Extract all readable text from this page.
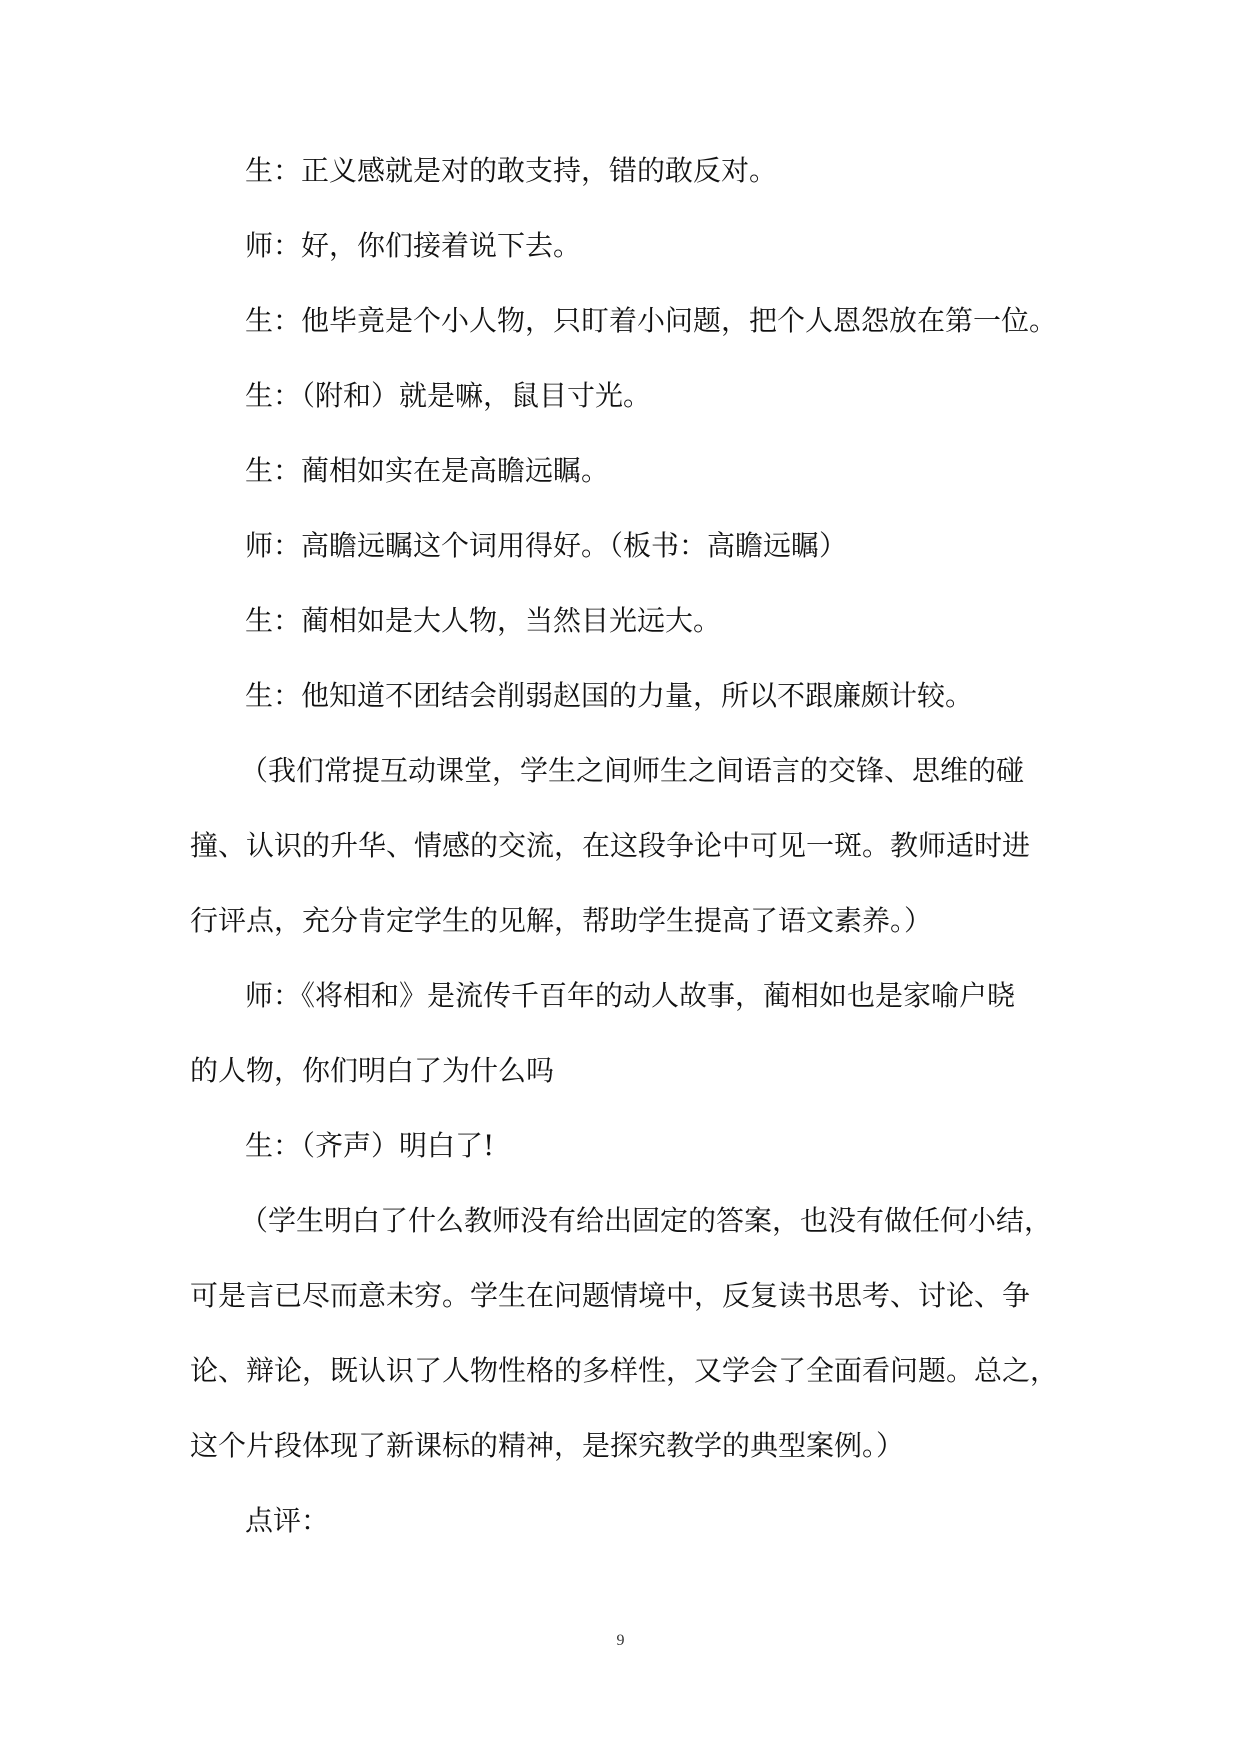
生：正义感就是对的敢支持，错的敢反对。

师：好，你们接着说下去。

生：他毕竟是个小人物，只盯着小问题，把个人恩怨放在第一位。

生：（附和）就是嘛，鼠目寸光。

生：蔺相如实在是高瞻远瞩。

师：高瞻远瞩这个词用得好。（板书：高瞻远瞩）

生：蔺相如是大人物，当然目光远大。

生：他知道不团结会削弱赵国的力量，所以不跟廉颇计较。

（我们常提互动课堂，学生之间师生之间语言的交锋、思维的碰

撞、认识的升华、情感的交流，在这段争论中可见一斑。教师适时进

行评点，充分肯定学生的见解，帮助学生提高了语文素养。）

师：《将相和》是流传千百年的动人故事，蔺相如也是家喻户晓

的人物，你们明白了为什么吗

生：（齐声）明白了!

（学生明白了什么教师没有给出固定的答案，也没有做任何小结，

可是言已尽而意未穷。学生在问题情境中，反复读书思考、讨论、争

论、辩论，既认识了人物性格的多样性，又学会了全面看问题。总之，

这个片段体现了新课标的精神，是探究教学的典型案例。）

点评：

9
